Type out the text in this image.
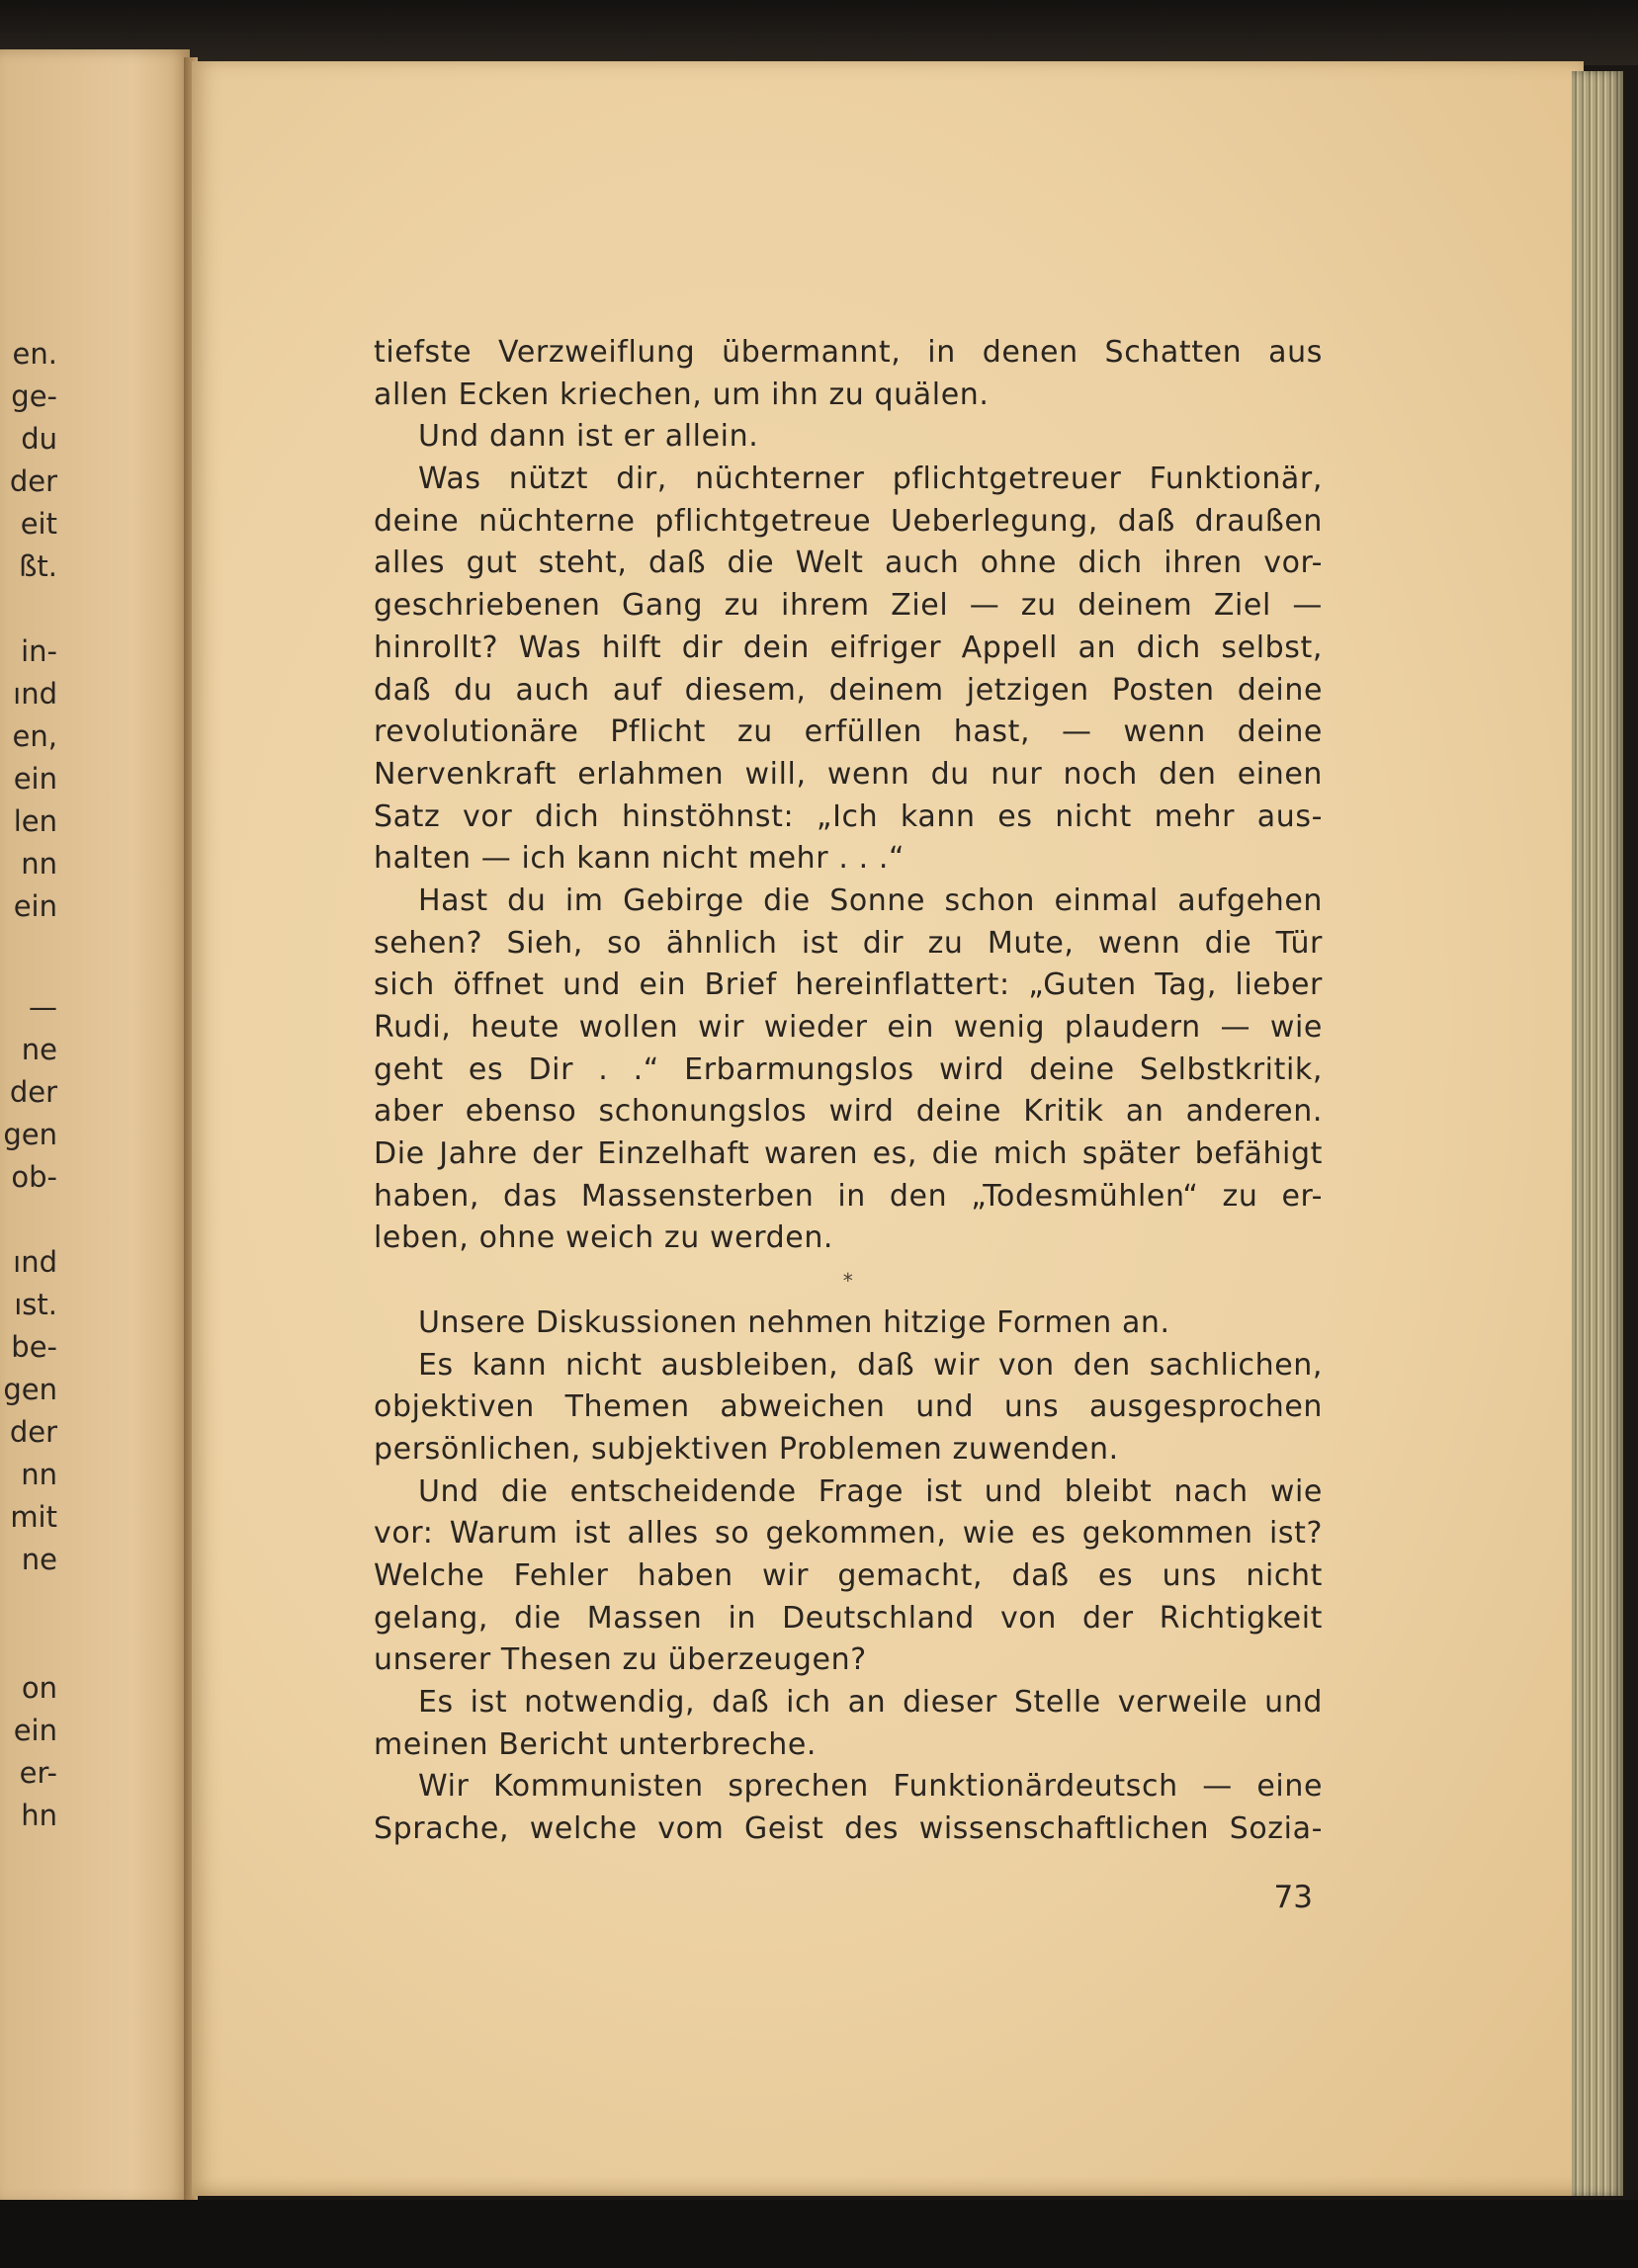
en.
ge-
du
der
eit
ßt.
in-
ınd
en,
ein
len
nn
ein
—
ne
der
gen
ob-
ınd
ıst.
be-
gen
der
nn
mit
ne
on
ein
er-
hn
tiefste Verzweiflung übermannt, in denen Schatten aus
allen Ecken kriechen, um ihn zu quälen.
Und dann ist er allein.
Was nützt dir, nüchterner pflichtgetreuer Funktionär,
deine nüchterne pflichtgetreue Ueberlegung, daß draußen
alles gut steht, daß die Welt auch ohne dich ihren vor-
geschriebenen Gang zu ihrem Ziel — zu deinem Ziel —
hinrollt? Was hilft dir dein eifriger Appell an dich selbst,
daß du auch auf diesem, deinem jetzigen Posten deine
revolutionäre Pflicht zu erfüllen hast, — wenn deine
Nervenkraft erlahmen will, wenn du nur noch den einen
Satz vor dich hinstöhnst: „Ich kann es nicht mehr aus-
halten — ich kann nicht mehr . . .“
Hast du im Gebirge die Sonne schon einmal aufgehen
sehen? Sieh, so ähnlich ist dir zu Mute, wenn die Tür
sich öffnet und ein Brief hereinflattert: „Guten Tag, lieber
Rudi, heute wollen wir wieder ein wenig plaudern — wie
geht es Dir . .“ Erbarmungslos wird deine Selbstkritik,
aber ebenso schonungslos wird deine Kritik an anderen.
Die Jahre der Einzelhaft waren es, die mich später befähigt
haben, das Massensterben in den „Todesmühlen“ zu er-
leben, ohne weich zu werden.
*
Unsere Diskussionen nehmen hitzige Formen an.
Es kann nicht ausbleiben, daß wir von den sachlichen,
objektiven Themen abweichen und uns ausgesprochen
persönlichen, subjektiven Problemen zuwenden.
Und die entscheidende Frage ist und bleibt nach wie
vor: Warum ist alles so gekommen, wie es gekommen ist?
Welche Fehler haben wir gemacht, daß es uns nicht
gelang, die Massen in Deutschland von der Richtigkeit
unserer Thesen zu überzeugen?
Es ist notwendig, daß ich an dieser Stelle verweile und
meinen Bericht unterbreche.
Wir Kommunisten sprechen Funktionärdeutsch — eine
Sprache, welche vom Geist des wissenschaftlichen Sozia-
73
